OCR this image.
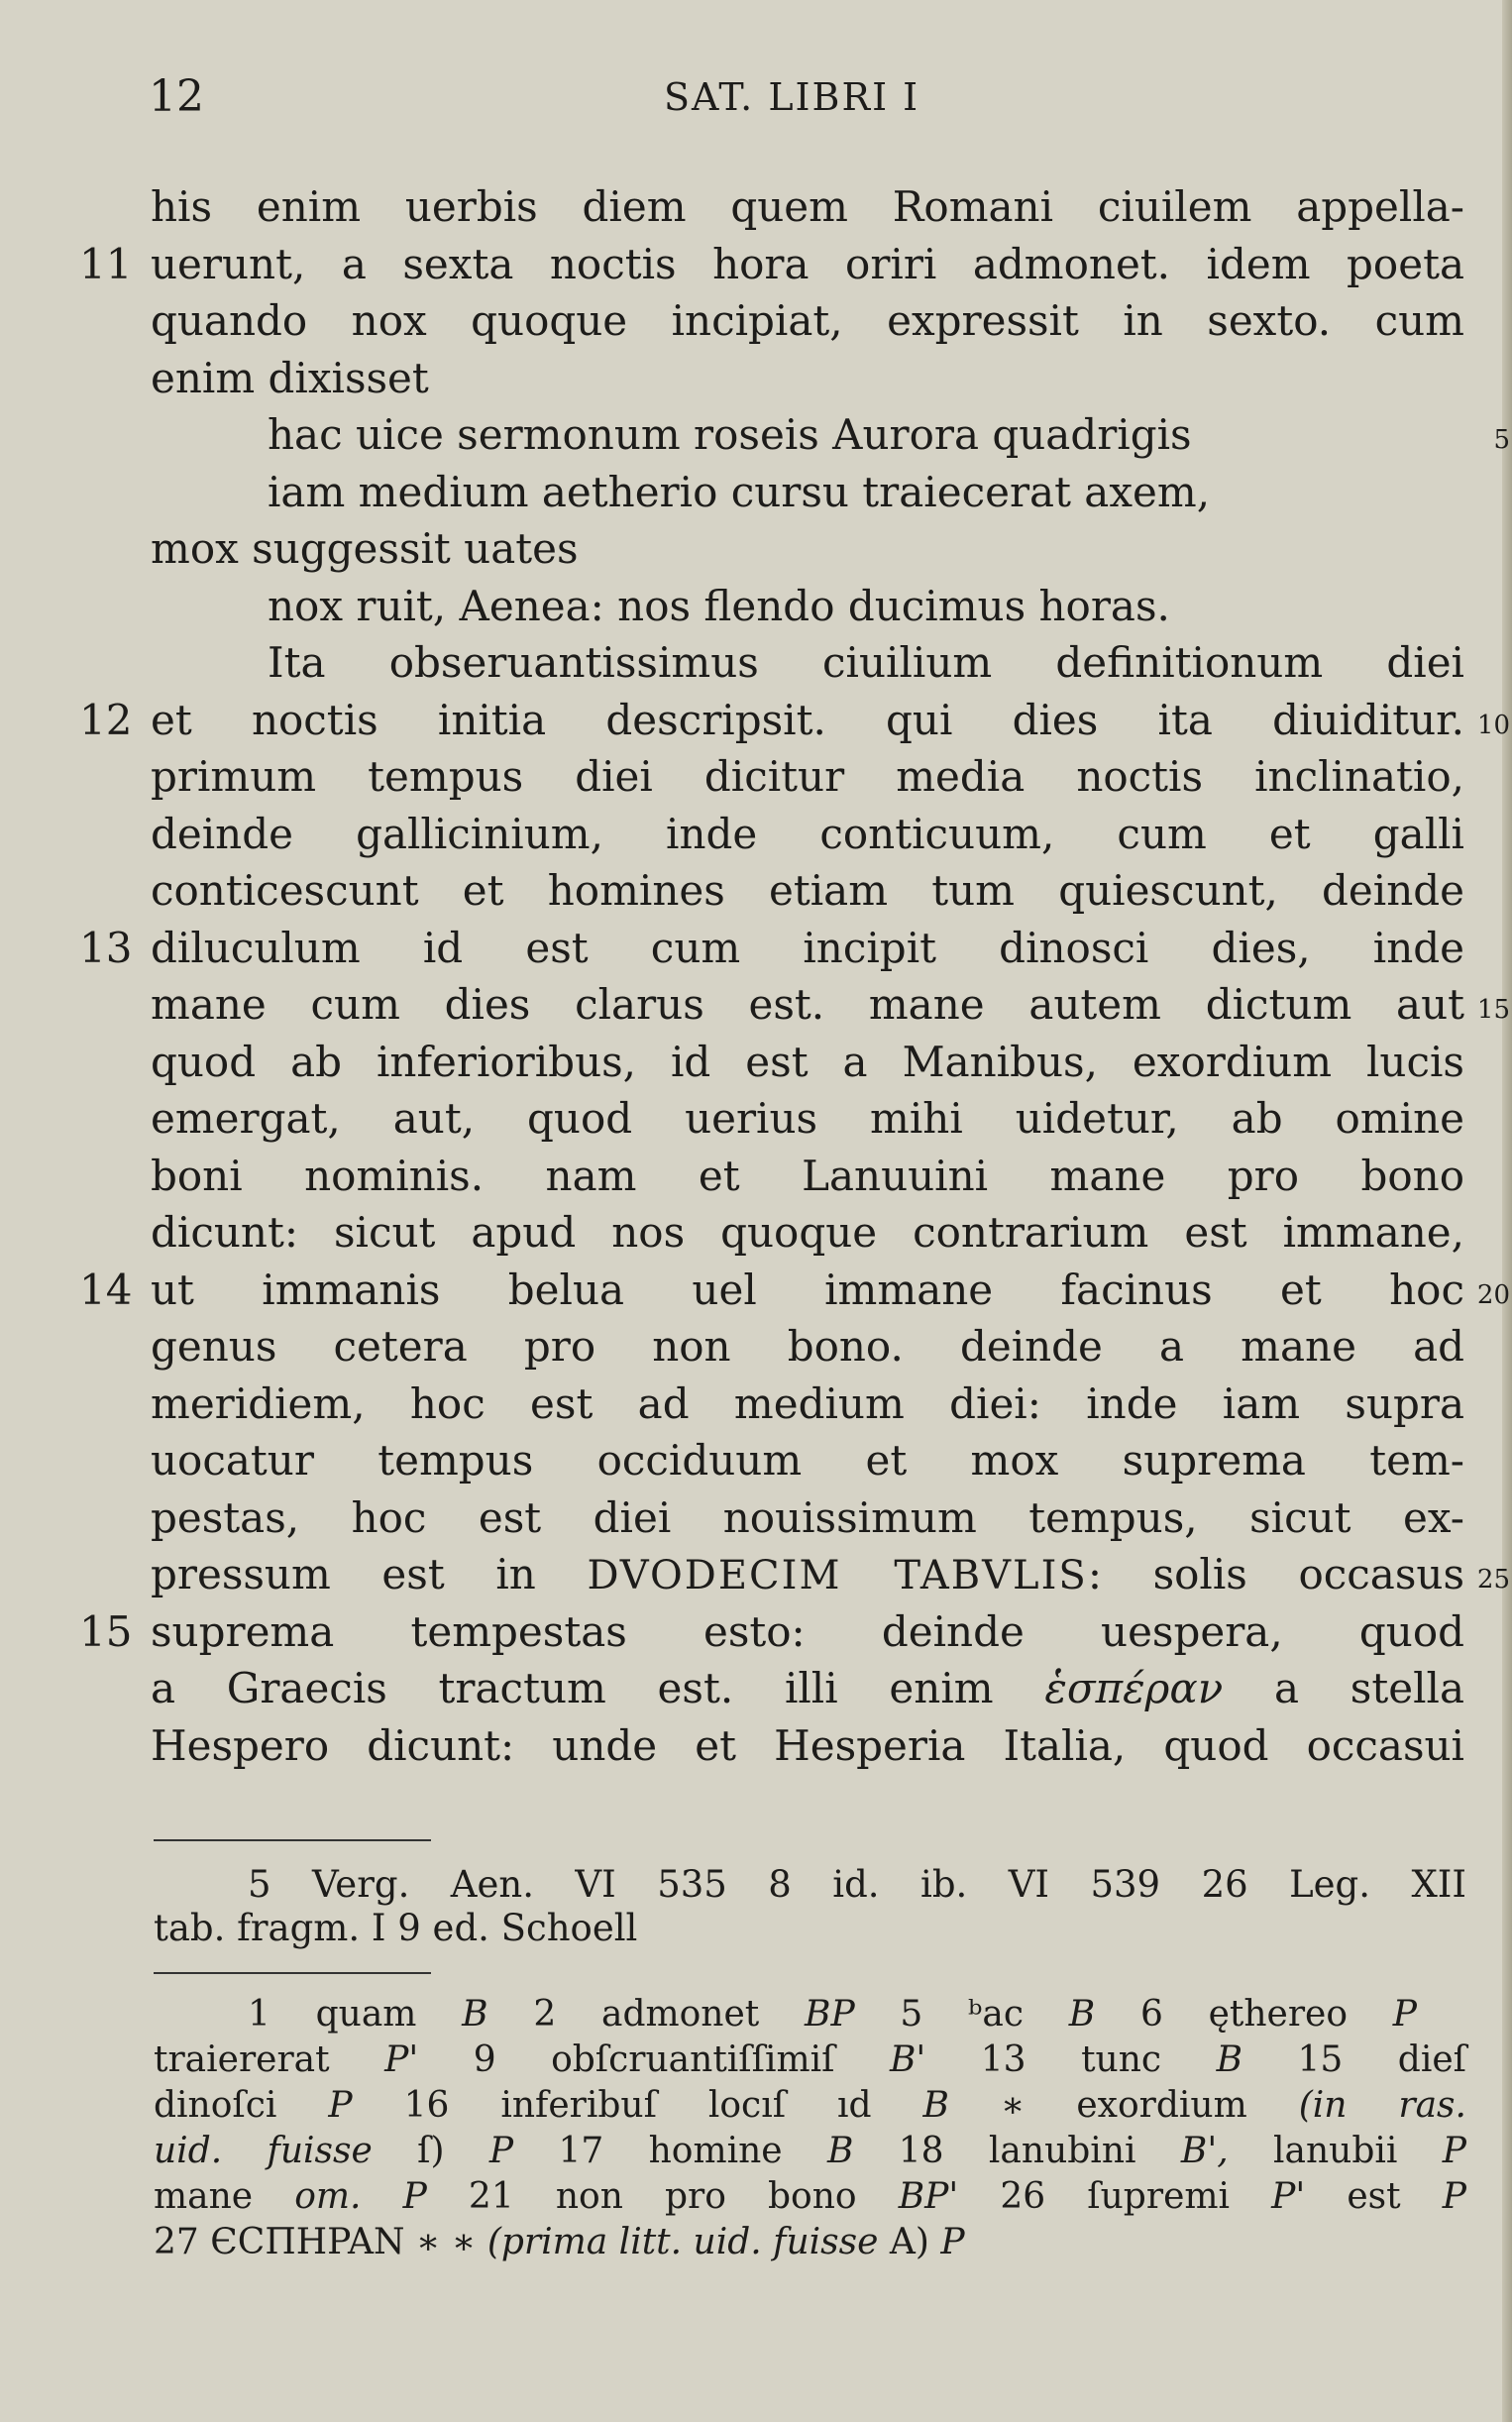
12	SAT. LIBRI I
his enim uerbis diem quem Romani ciuilem appella-
11 uerunt, a sexta noctis hora oriri admonet. idem poeta
quando nox quoque incipiat, expressit in sexto. cum
enim dixisset
hac uice sermonum roseis Aurora quadrigis	5
iam medium aetherio cursu traiecerat axem,
mox suggessit uates
nox ruit, Aenea: nos flendo ducimus horas.
Ita obseruantissimus ciuilium definitionum diei
12 et noctis initia descripsit. qui dies ita diuiditur. 10
primum tempus diei dicitur media noctis inclinatio,
deinde gallicinium, inde conticuum, cum et galli
conticescunt et homines etiam tum quiescunt, deinde
13 diluculum id est cum incipit dinosci dies, inde
mane cum dies clarus est. mane autem dictum aut 15
quod ab inferioribus, id est a Manibus, exordium lucis
emergat, aut, quod uerius mihi uidetur, ab omine
boni nominis. nam et Lanuuini mane pro bono
dicunt: sicut apud nos quoque contrarium est immane,
14 ut immanis belua uel immane facinus et hoc 20
genus cetera pro non bono. deinde a mane ad
meridiem, hoc est ad medium diei: inde iam supra
uocatur tempus occiduum et mox suprema tem-
pestas, hoc est diei nouissimum tempus, sicut ex-
pressum est in DVODECIM TABVLIS: solis occasus 25
15 suprema tempestas esto: deinde uespera, quod
a Graecis tractum est. illi enim ἑσπέραν a stella
Hespero dicunt: unde et Hesperia Italia, quod occasui
5 Verg. Aen. VI 535 8 id. ib. VI 539 26 Leg. XII
tab. fragm. I 9 ed. Schoell
1 quam B 2 admonet BP 5 ᵇac B 6 ęthereo P
traiererat P' 9 obſcruantiſſimiſ B' 13 tunc B 15 dieſ
dinoſci P 16 inferibuſ locıſ ıd B ∗ exordium (in ras.
uid. fuisse ſ) P 17 homine B 18 lanubini B', lanubii P
mane om. P 21 non pro bono BP' 26 ſupremi P' est P
27 ЄCΠHPAN ∗ ∗ (prima litt. uid. fuisse A) P
